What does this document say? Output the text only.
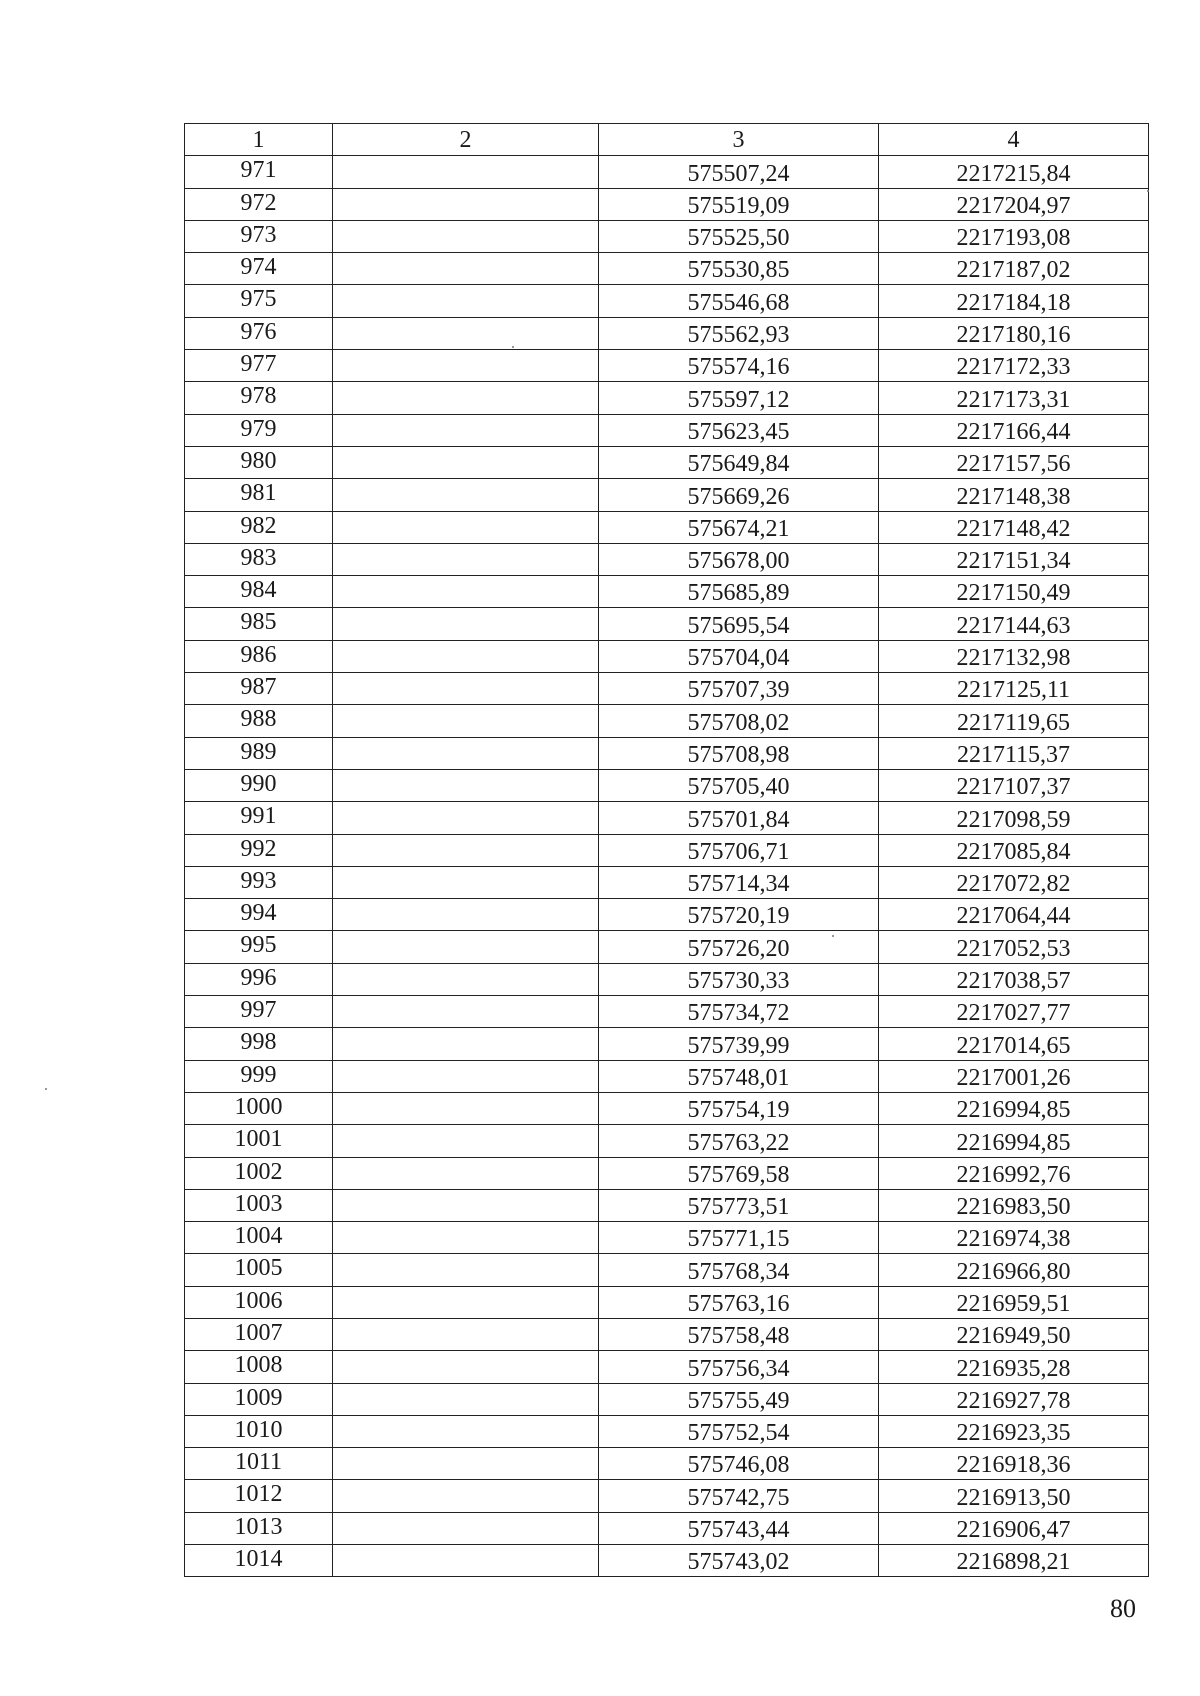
1	2	3	4
971		575507,24	2217215,84
972		575519,09	2217204,97
973		575525,50	2217193,08
974		575530,85	2217187,02
975		575546,68	2217184,18
976		575562,93	2217180,16
977		575574,16	2217172,33
978		575597,12	2217173,31
979		575623,45	2217166,44
980		575649,84	2217157,56
981		575669,26	2217148,38
982		575674,21	2217148,42
983		575678,00	2217151,34
984		575685,89	2217150,49
985		575695,54	2217144,63
986		575704,04	2217132,98
987		575707,39	2217125,11
988		575708,02	2217119,65
989		575708,98	2217115,37
990		575705,40	2217107,37
991		575701,84	2217098,59
992		575706,71	2217085,84
993		575714,34	2217072,82
994		575720,19	2217064,44
995		575726,20	2217052,53
996		575730,33	2217038,57
997		575734,72	2217027,77
998		575739,99	2217014,65
999		575748,01	2217001,26
1000		575754,19	2216994,85
1001		575763,22	2216994,85
1002		575769,58	2216992,76
1003		575773,51	2216983,50
1004		575771,15	2216974,38
1005		575768,34	2216966,80
1006		575763,16	2216959,51
1007		575758,48	2216949,50
1008		575756,34	2216935,28
1009		575755,49	2216927,78
1010		575752,54	2216923,35
1011		575746,08	2216918,36
1012		575742,75	2216913,50
1013		575743,44	2216906,47
1014		575743,02	2216898,21
80
